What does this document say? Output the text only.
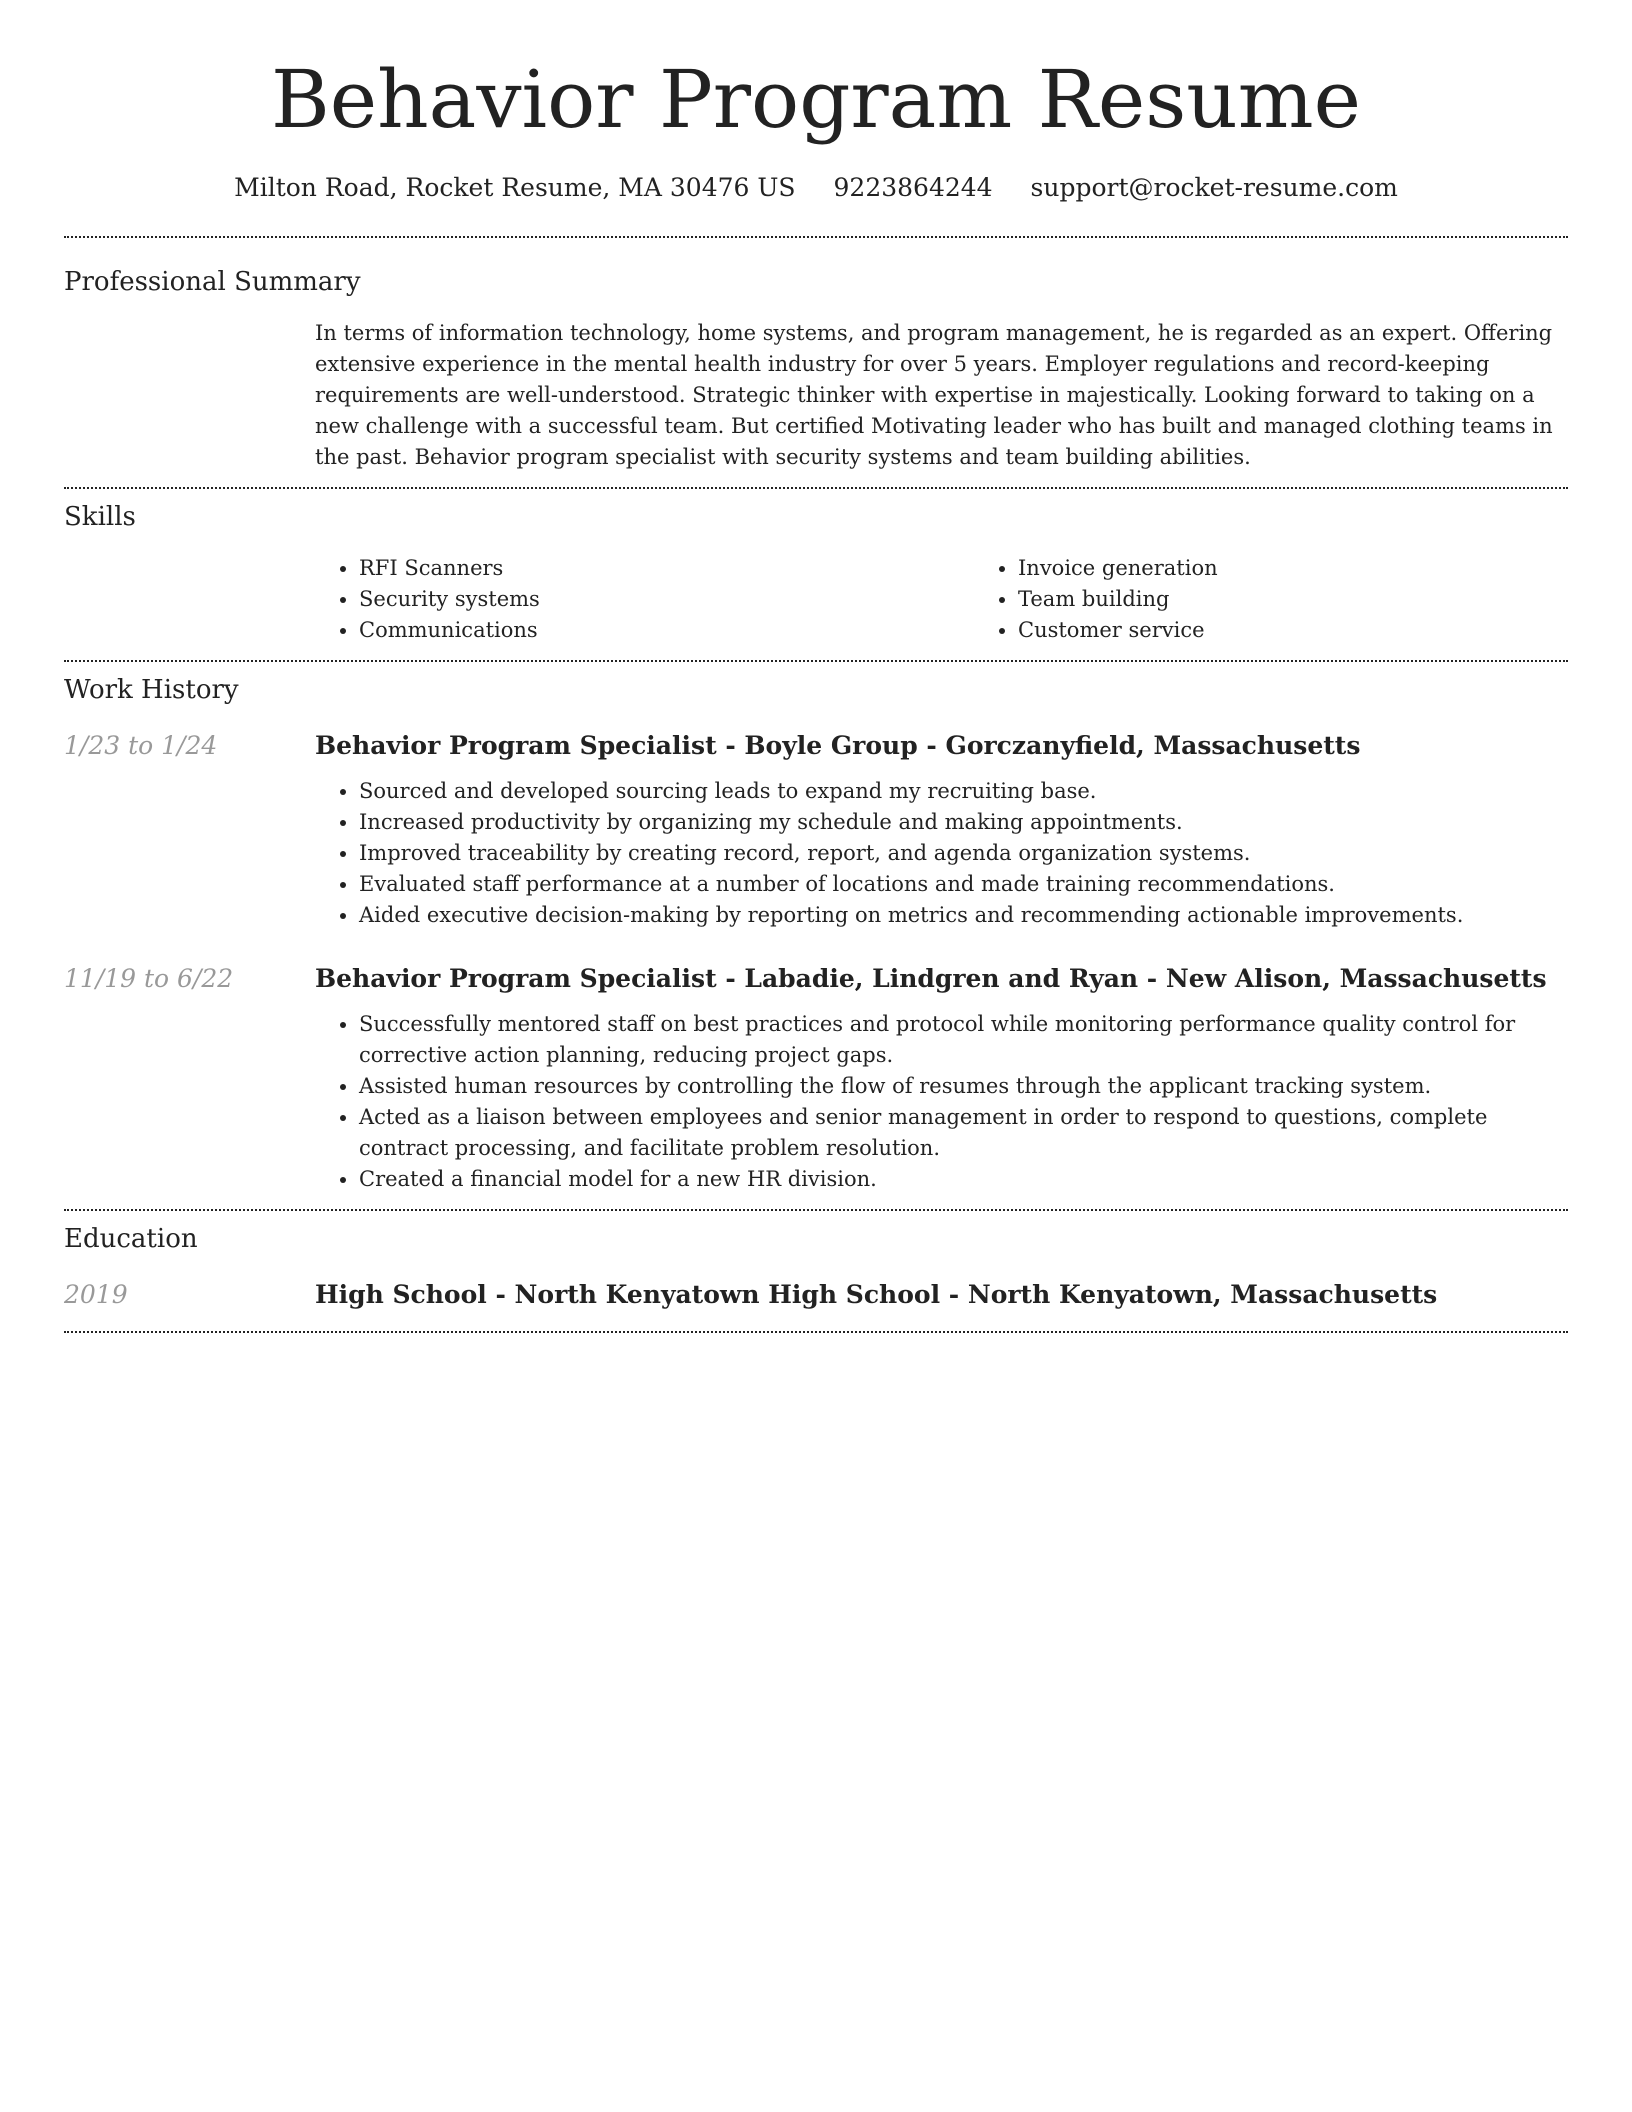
Behavior Program Resume
Milton Road, Rocket Resume, MA 30476 US 9223864244 support@rocket-resume.com
Professional Summary

In terms of information technology, home systems, and program management, he is regarded as an expert. Offering extensive experience in the mental health industry for over 5 years. Employer regulations and record-keeping requirements are well-understood. Strategic thinker with expertise in majestically. Looking forward to taking on a new challenge with a successful team. But certified Motivating leader who has built and managed clothing teams in the past. Behavior program specialist with security systems and team building abilities.

Skills
• RFI Scanners
• Security systems
• Communications
• Invoice generation
• Team building
• Customer service
Work History
1/23 to 1/24	Behavior Program Specialist - Boyle Group - Gorczanyfield, Massachusetts
• Sourced and developed sourcing leads to expand my recruiting base.
• Increased productivity by organizing my schedule and making appointments.
• Improved traceability by creating record, report, and agenda organization systems.
• Evaluated staff performance at a number of locations and made training recommendations.
• Aided executive decision-making by reporting on metrics and recommending actionable improvements.
11/19 to 6/22	Behavior Program Specialist - Labadie, Lindgren and Ryan - New Alison, Massachusetts
• Successfully mentored staff on best practices and protocol while monitoring performance quality control for corrective action planning, reducing project gaps.
• Assisted human resources by controlling the flow of resumes through the applicant tracking system.
• Acted as a liaison between employees and senior management in order to respond to questions, complete contract processing, and facilitate problem resolution.
• Created a financial model for a new HR division.
Education
2019	High School - North Kenyatown High School - North Kenyatown, Massachusetts
